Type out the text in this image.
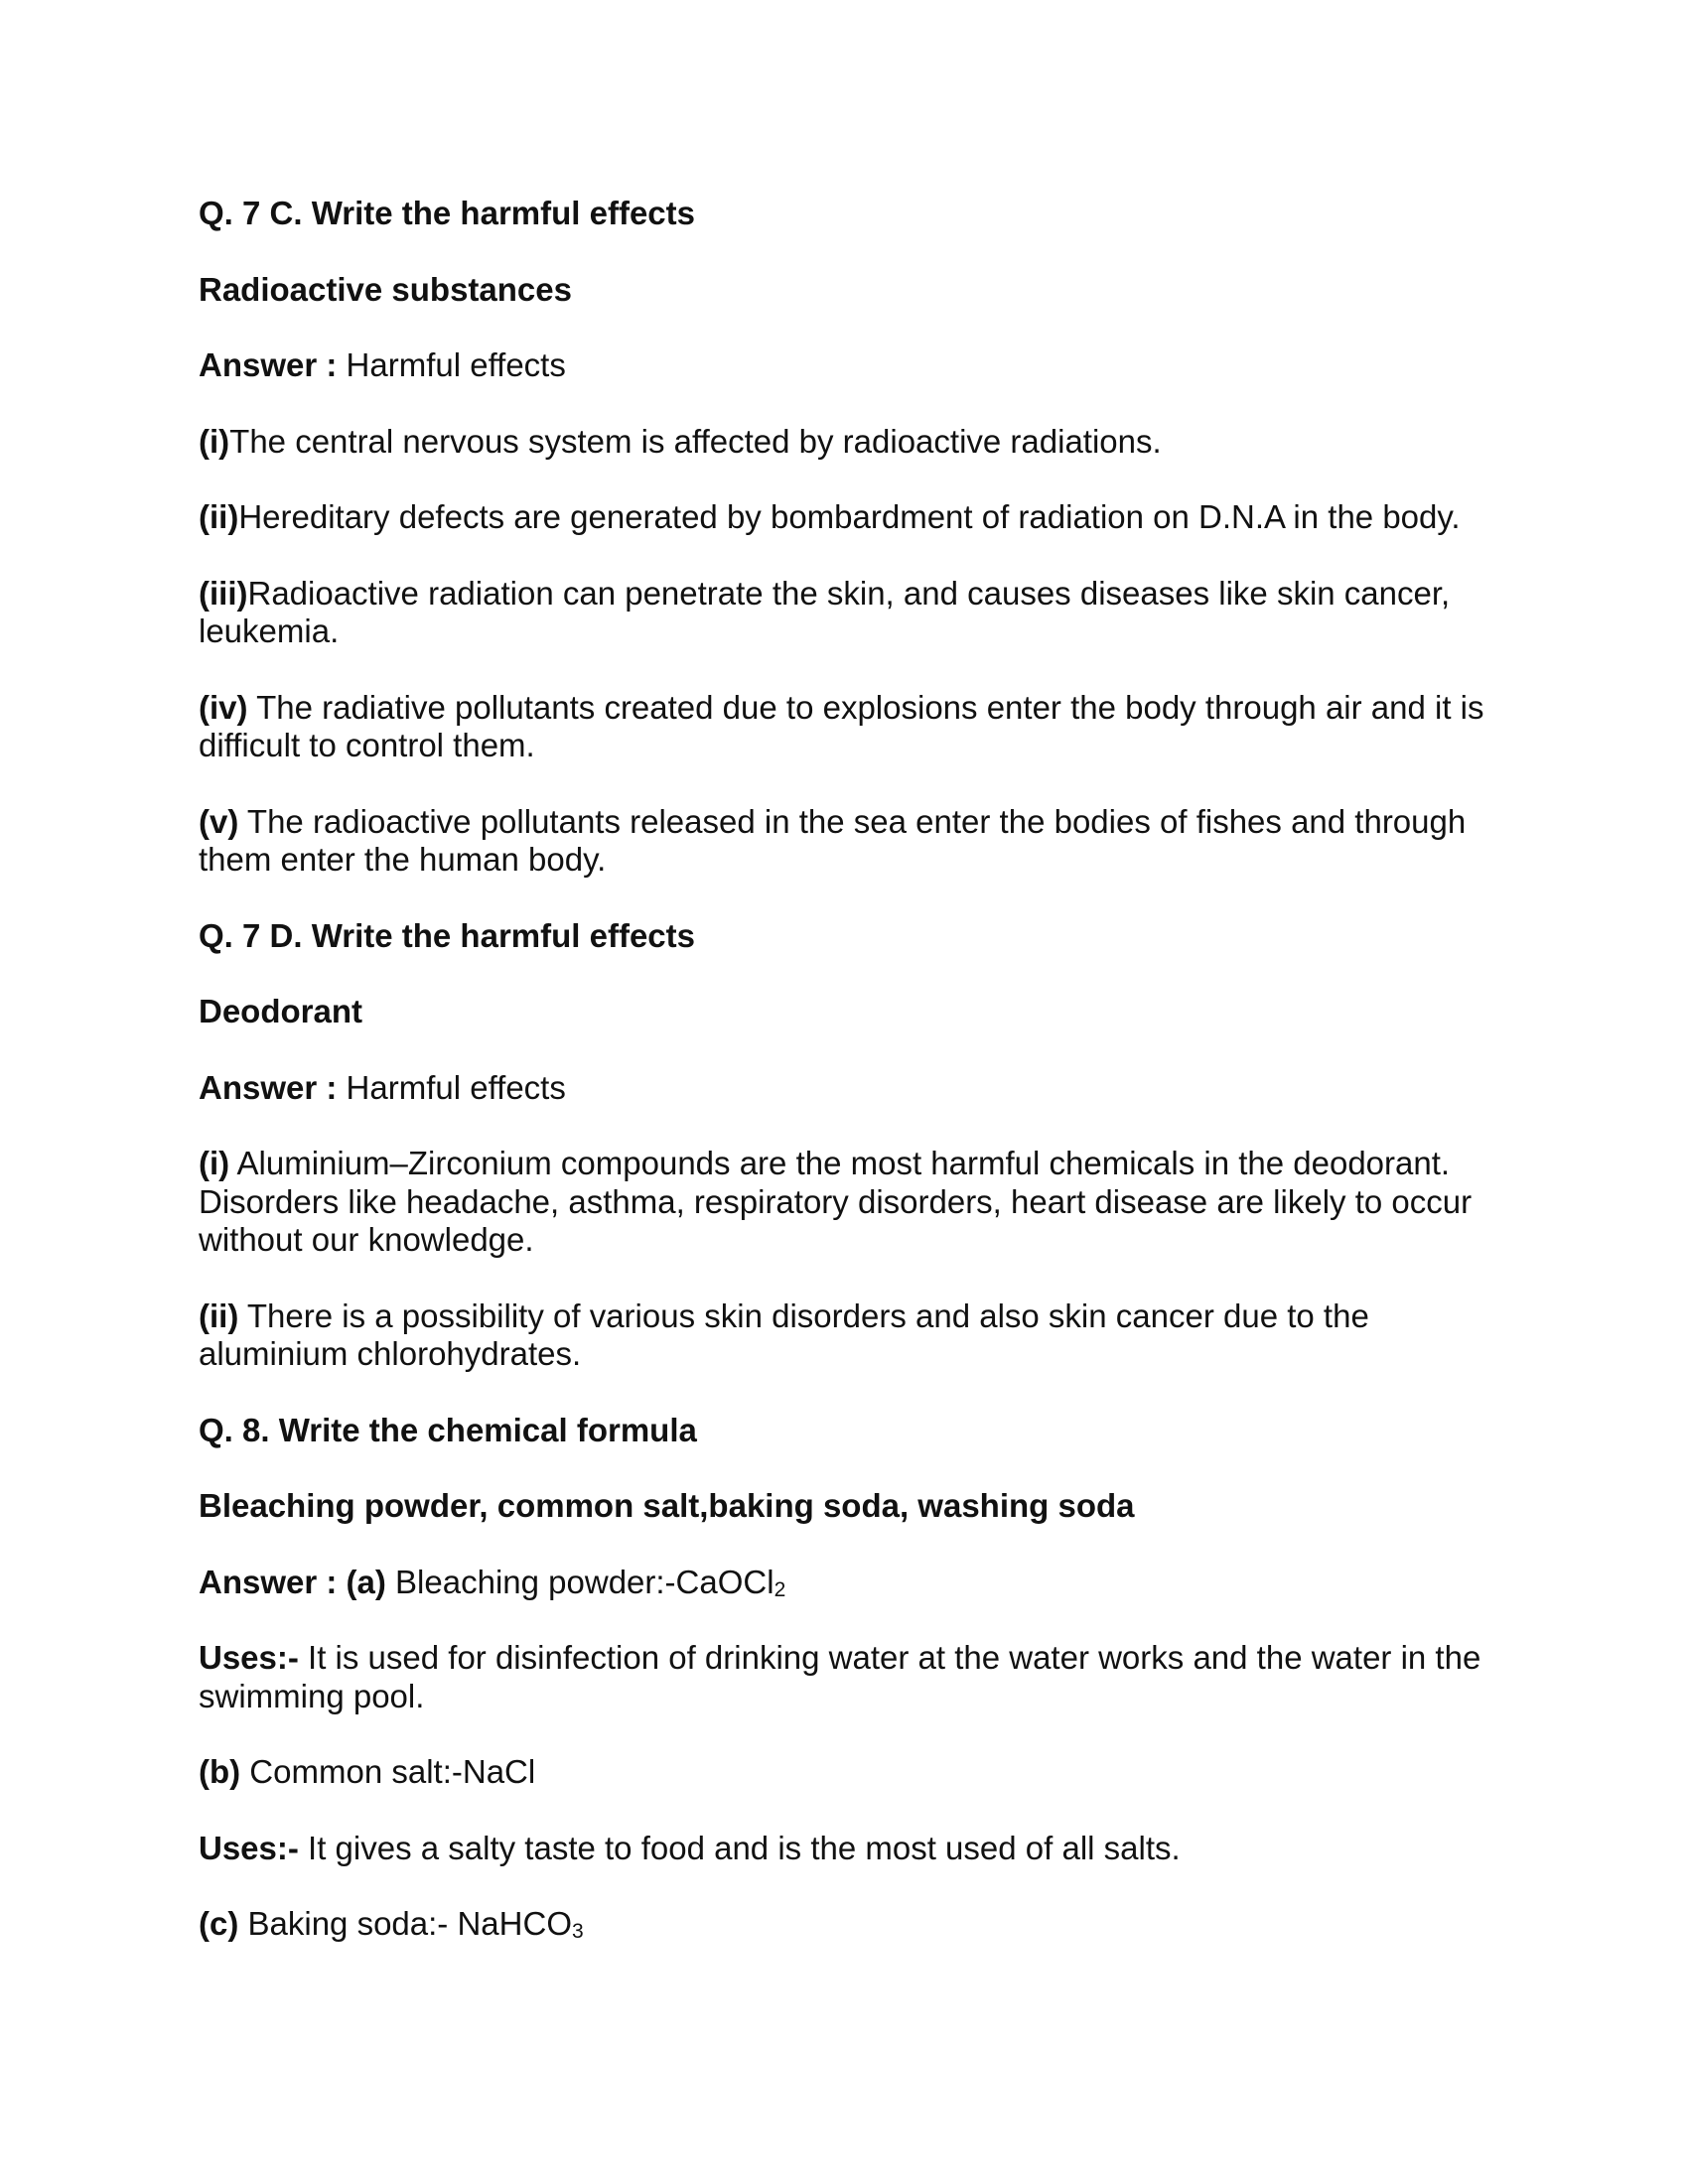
Q. 7 C. Write the harmful effects

Radioactive substances

Answer : Harmful effects

(i)The central nervous system is affected by radioactive radiations.

(ii)Hereditary defects are generated by bombardment of radiation on D.N.A in the body.

(iii)Radioactive radiation can penetrate the skin, and causes diseases like skin cancer, leukemia.

(iv) The radiative pollutants created due to explosions enter the body through air and it is difficult to control them.

(v) The radioactive pollutants released in the sea enter the bodies of fishes and through them enter the human body.

Q. 7 D. Write the harmful effects

Deodorant

Answer : Harmful effects

(i) Aluminium–Zirconium compounds are the most harmful chemicals in the deodorant. Disorders like headache, asthma, respiratory disorders, heart disease are likely to occur without our knowledge.

(ii) There is a possibility of various skin disorders and also skin cancer due to the aluminium chlorohydrates.

Q. 8. Write the chemical formula

Bleaching powder, common salt,baking soda, washing soda

Answer : (a) Bleaching powder:-CaOCl$_2$

Uses:- It is used for disinfection of drinking water at the water works and the water in the swimming pool.

(b) Common salt:-NaCl

Uses:- It gives a salty taste to food and is the most used of all salts.

(c) Baking soda:- NaHCO$_3$
